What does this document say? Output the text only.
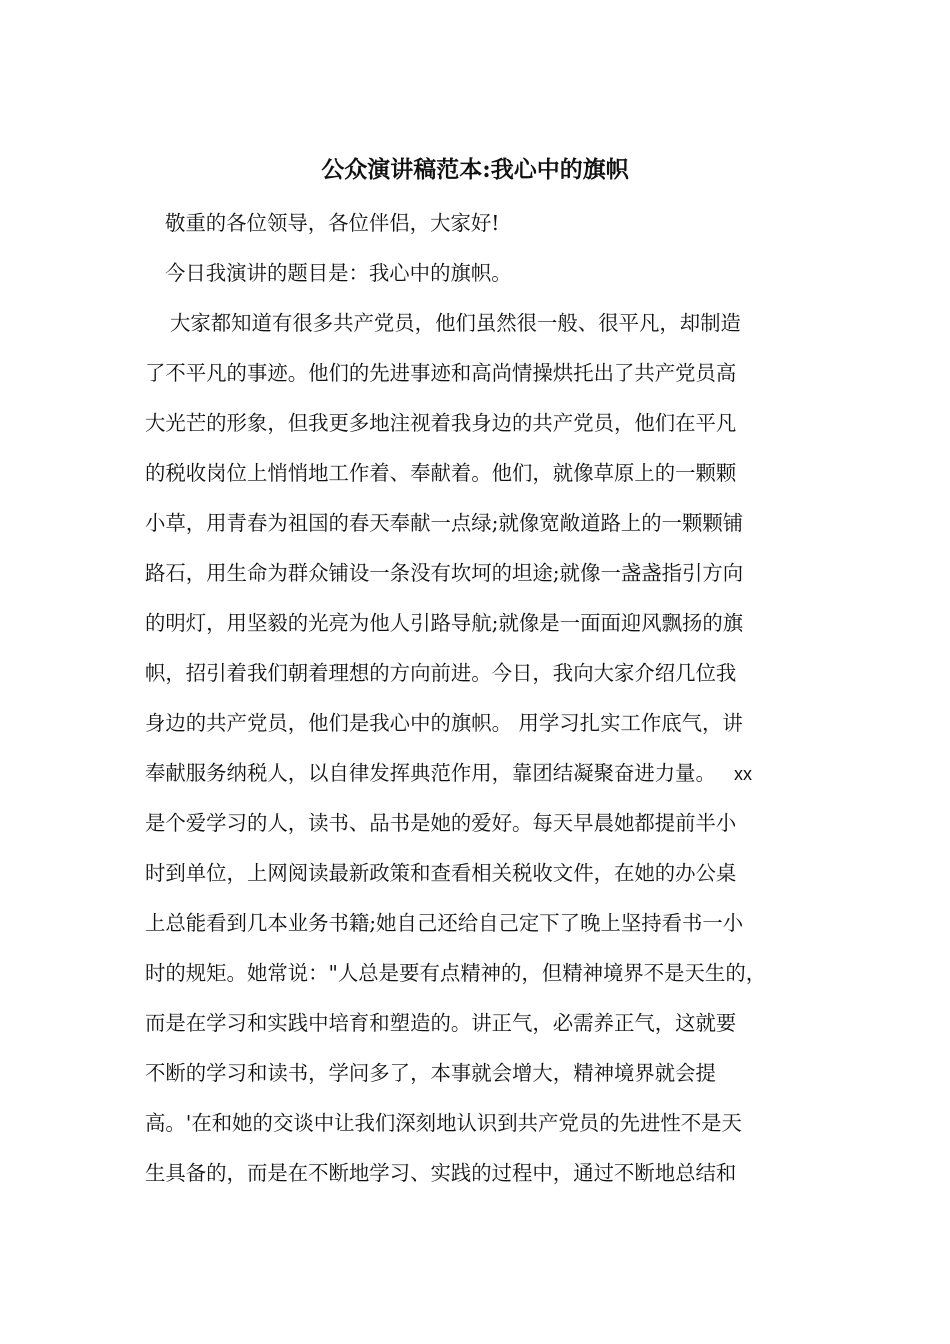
公众演讲稿范本:我心中的旗帜

敬重的各位领导，各位伴侣，大家好!

今日我演讲的题目是：我心中的旗帜。

大家都知道有很多共产党员，他们虽然很一般、很平凡，却制造

了不平凡的事迹。他们的先进事迹和高尚情操烘托出了共产党员高

大光芒的形象，但我更多地注视着我身边的共产党员，他们在平凡

的税收岗位上悄悄地工作着、奉献着。他们，就像草原上的一颗颗

小草，用青春为祖国的春天奉献一点绿;就像宽敞道路上的一颗颗铺

路石，用生命为群众铺设一条没有坎坷的坦途;就像一盏盏指引方向

的明灯，用坚毅的光亮为他人引路导航;就像是一面面迎风飘扬的旗

帜，招引着我们朝着理想的方向前进。今日，我向大家介绍几位我

身边的共产党员，他们是我心中的旗帜。 用学习扎实工作底气，讲

奉献服务纳税人，以自律发挥典范作用，靠团结凝聚奋进力量。 xx

是个爱学习的人，读书、品书是她的爱好。每天早晨她都提前半小

时到单位，上网阅读最新政策和查看相关税收文件，在她的办公桌

上总能看到几本业务书籍;她自己还给自己定下了晚上坚持看书一小

时的规矩。她常说："人总是要有点精神的，但精神境界不是天生的，

而是在学习和实践中培育和塑造的。讲正气，必需养正气，这就要

不断的学习和读书，学问多了，本事就会增大，精神境界就会提

高。'在和她的交谈中让我们深刻地认识到共产党员的先进性不是天

生具备的，而是在不断地学习、实践的过程中，通过不断地总结和
